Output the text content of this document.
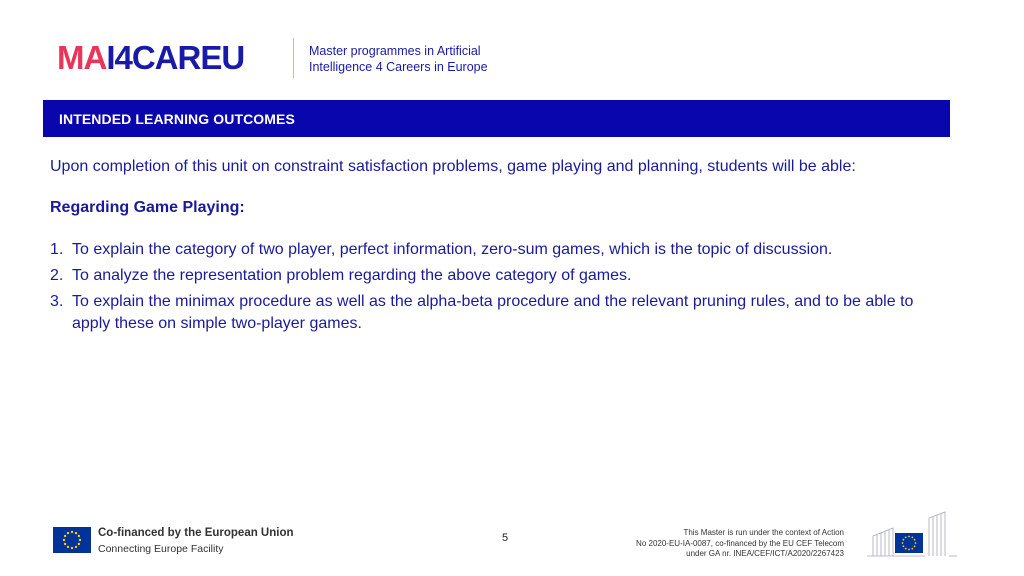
MA I4CAR EU	Master programmes in Artificial
Intelligence 4 Careers in Europe
INTENDED LEARNING OUTCOMES
Upon completion of this unit on constraint satisfaction problems, game playing and planning, students will be able:
Regarding Game Playing:
1. To explain the category of two player, perfect information, zero-sum games, which is the topic of discussion.
2. To analyze the representation problem regarding the above category of games.
3. To explain the minimax procedure as well as the alpha-beta procedure and the relevant pruning rules, and to be able to apply these on simple two-player games.
Co-financed by the European Union
Connecting Europe Facility
5	This Master is run under the context of Action
No 2020-EU-IA-0087, co-financed by the EU CEF Telecom
under GA nr. INEA/CEF/ICT/A2020/2267423
